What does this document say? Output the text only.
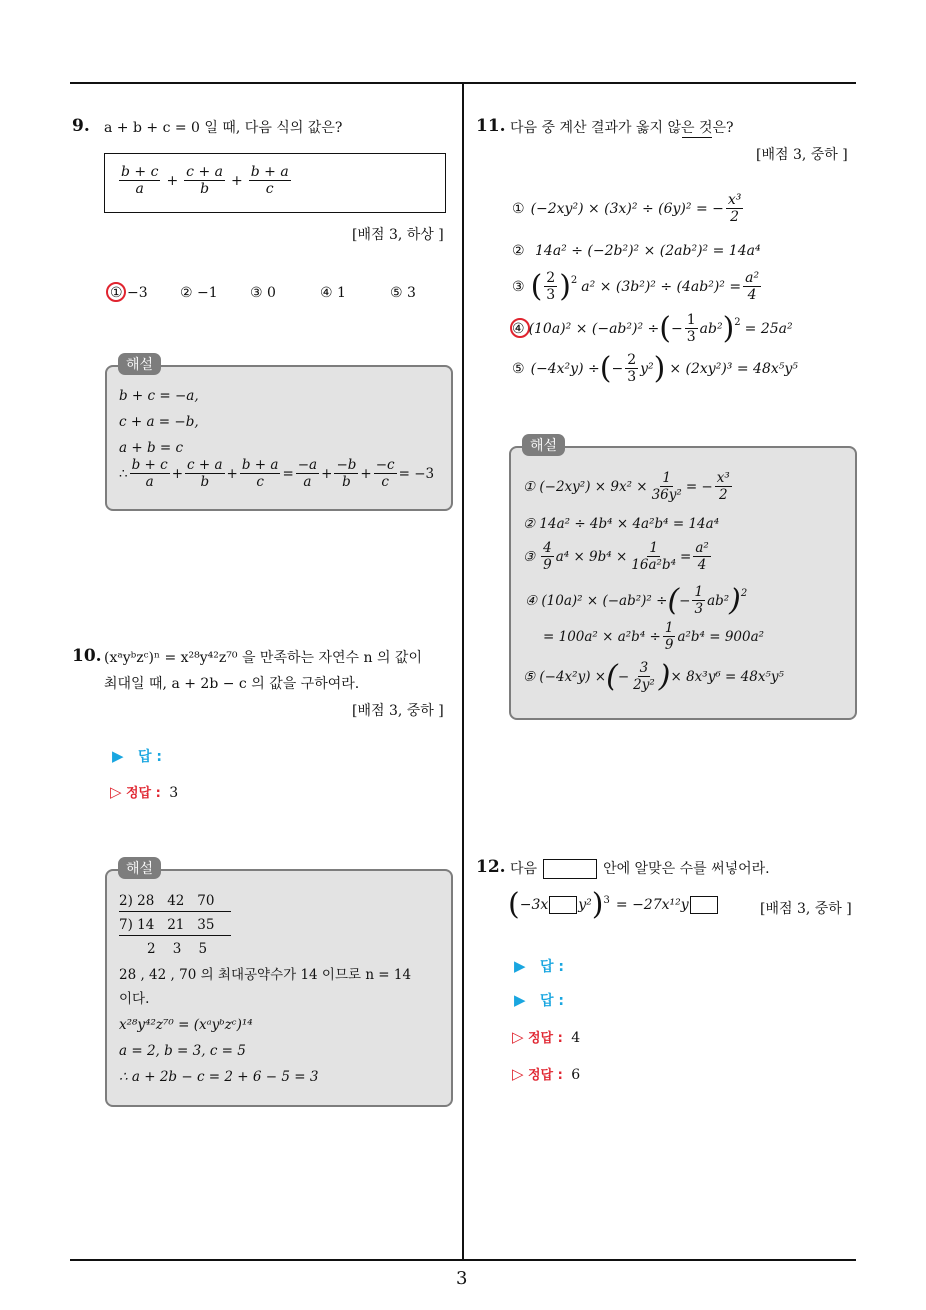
3
9. a + b + c = 0 일 때, 다음 식의 값은?
$\frac{b + c}{a} + \frac{c + a}{b} + \frac{b + a}{c}$
[배점 3, 하상 ]
① −3 ② −1 ③ 0	④ 1	⑤ 3
b + c = −a,
c + a = −b,
a + b = c
∴ $\frac{b + c}{a} + \frac{c + a}{b} + \frac{b + a}{c} = \frac{-a}{a} + \frac{-b}{b} + \frac{-c}{c} = -3$
해설
10. (xᵃyᵇzᶜ)ⁿ = x²⁸y⁴²z⁷⁰ 을 만족하는 자연수 n 의 값이
최대일 때, a + 2b − c 의 값을 구하여라.
[배점 3, 중하 ]
▶ 답 :
▷ 정답 : 3
2) 28   42   70
7) 14   21   35
2    3    5
28 , 42 , 70 의 최대공약수가 14 이므로 n = 14
이다.
x²⁸y⁴²z⁷⁰ = (xᵃyᵇzᶜ)¹⁴
a = 2, b = 3, c = 5
∴ a + 2b − c = 2 + 6 − 5 = 3
해설
11. 다음 중 계산 결과가 옳지 않은 것은?
[배점 3, 중하 ]
① (−2xy²) × (3x)² ÷ (6y)² = − $\frac{\text{x³}}{2}$
② 14a² ÷ (−2b²)² × (2ab²)² = 14a⁴
③ ( $\frac{2}{3} )^2$ $a^2 \times (3b^2)^2 \div (4ab^2)^2 = \frac{\text{a²}}{4}$
④ (10a)² × (−ab²)² ÷ ( − $\frac{1}{3} ab^2$ )$^2$ = 25a²
⑤ (−4x²y) ÷ ( − $\frac{2}{3} y^2$ ) × (2xy²)³ = 48x⁵y⁵
① $(-2xy^2) \times 9x^2 \times \frac{1}{\text{36y²}}$ = − $\frac{\text{x³}}{2}$
② 14a² ÷ 4b⁴ × 4a²b⁴ = 14a⁴
③ $\frac{4}{9} a^4 \times 9b^4 \times \frac{1}{\text{16a²b⁴}} = \frac{\text{a²}}{4}$
④ (10a)² × (−ab²)² ÷ ( − $\frac{1}{3} ab^2$ )$^2$
= $100a^2 \times a^2b^4 \div \frac{1}{9} a^2b^4 = 900a^2$
⑤ (−4x²y) × ( − $\frac{3}{\text{2y²}}$ ) × 8x³y⁶ = 48x⁵y⁵
해설
12. 다음	안에 알맞은 수를 써넣어라.
( −3x y² )$^3$ = −27x¹²y	[배점 3, 중하 ]
▶ 답 :
▶ 답 :
▷ 정답 : 4
▷ 정답 : 6
